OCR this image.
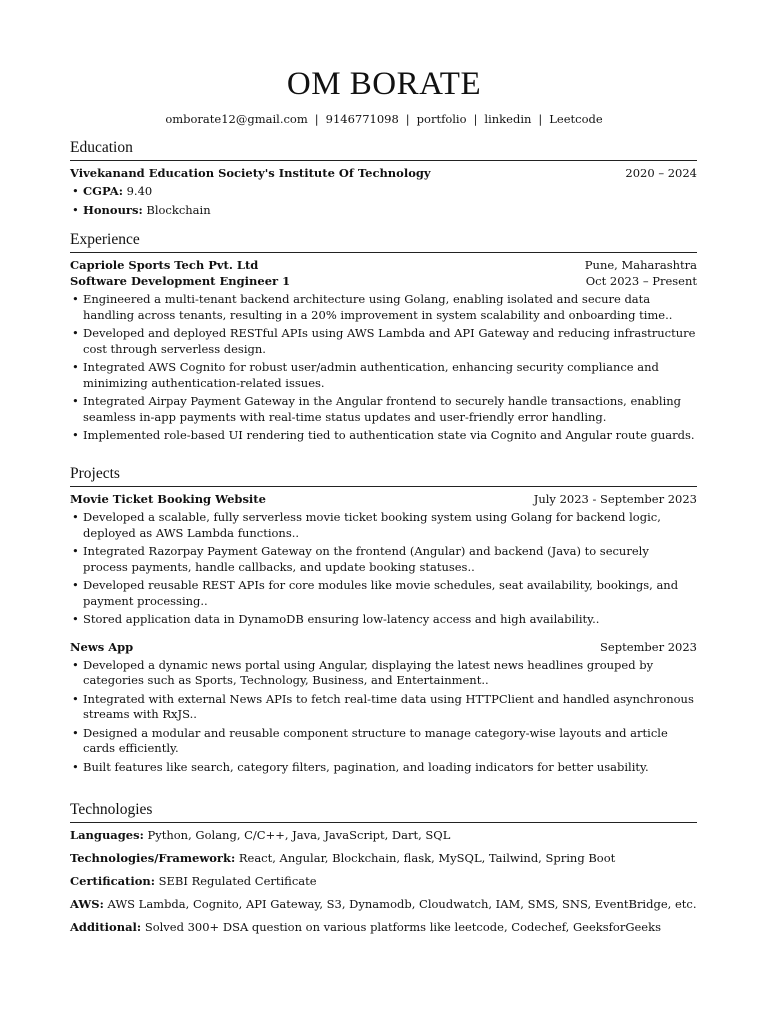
OM BORATE
omborate12@gmail.com | 9146771098 | portfolio | linkedin | Leetcode
Education
Vivekanand Education Society's Institute Of Technology	2020 – 2024
• CGPA: 9.40
• Honours: Blockchain
Experience
Capriole Sports Tech Pvt. Ltd	Pune, Maharashtra
Software Development Engineer 1	Oct 2023 – Present
• Engineered a multi-tenant backend architecture using Golang, enabling isolated and secure data handling across tenants, resulting in a 20% improvement in system scalability and onboarding time..
• Developed and deployed RESTful APIs using AWS Lambda and API Gateway and reducing infrastructure cost through serverless design.
• Integrated AWS Cognito for robust user/admin authentication, enhancing security compliance and minimizing authentication-related issues.
• Integrated Airpay Payment Gateway in the Angular frontend to securely handle transactions, enabling seamless in-app payments with real-time status updates and user-friendly error handling.
• Implemented role-based UI rendering tied to authentication state via Cognito and Angular route guards.
Projects
Movie Ticket Booking Website	July 2023 - September 2023
• Developed a scalable, fully serverless movie ticket booking system using Golang for backend logic, deployed as AWS Lambda functions..
• Integrated Razorpay Payment Gateway on the frontend (Angular) and backend (Java) to securely process payments, handle callbacks, and update booking statuses..
• Developed reusable REST APIs for core modules like movie schedules, seat availability, bookings, and payment processing..
• Stored application data in DynamoDB ensuring low-latency access and high availability..
News App	September 2023
• Developed a dynamic news portal using Angular, displaying the latest news headlines grouped by categories such as Sports, Technology, Business, and Entertainment..
• Integrated with external News APIs to fetch real-time data using HTTPClient and handled asynchronous streams with RxJS..
• Designed a modular and reusable component structure to manage category-wise layouts and article cards efficiently.
• Built features like search, category filters, pagination, and loading indicators for better usability.
Technologies
Languages: Python, Golang, C/C++, Java, JavaScript, Dart, SQL
Technologies/Framework: React, Angular, Blockchain, flask, MySQL, Tailwind, Spring Boot
Certification: SEBI Regulated Certificate
AWS: AWS Lambda, Cognito, API Gateway, S3, Dynamodb, Cloudwatch, IAM, SMS, SNS, EventBridge, etc.
Additional: Solved 300+ DSA question on various platforms like leetcode, Codechef, GeeksforGeeks
